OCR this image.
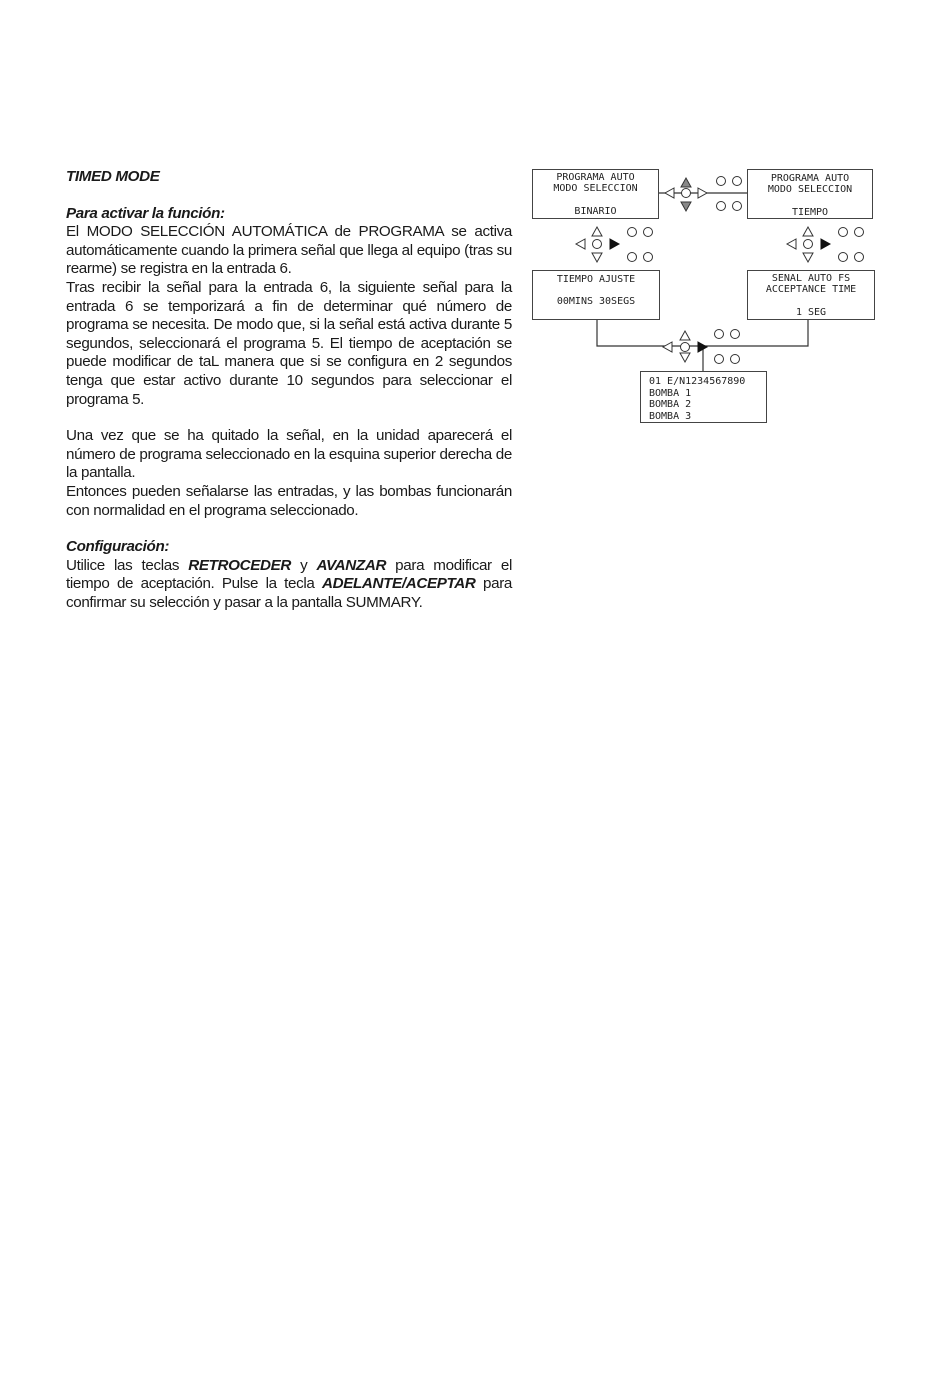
TIMED MODE

Para activar la función:

El MODO SELECCIÓN AUTOMÁTICA de PROGRAMA se activa automáticamente cuando la primera señal que llega al equipo (tras su rearme) se registra en la entrada 6.

Tras recibir la señal para la entrada 6, la siguiente señal para la entrada 6 se temporizará a fin de determinar qué número de programa se necesita. De modo que, si la señal está activa durante 5 segundos, seleccionará el programa 5. El tiempo de aceptación se puede modificar de taL manera que si se configura en 2 segundos tenga que estar activo durante 10 segundos para seleccionar el programa 5.

Una vez que se ha quitado la señal, en la unidad aparecerá el número de programa seleccionado en la esquina superior derecha de la pantalla.

Entonces pueden señalarse las entradas, y las bombas funcionarán con normalidad en el programa seleccionado.

Configuración:

Utilice las teclas RETROCEDER y AVANZAR para modificar el tiempo de aceptación. Pulse la tecla ADELANTE/ACEPTAR para confirmar su selección y pasar a la pantalla SUMMARY.

PROGRAMA AUTO
MODO SELECCION
BINARIO
PROGRAMA AUTO
MODO SELECCION
TIEMPO
TIEMPO AJUSTE
00MINS 30SEGS
SENAL AUTO FS
ACCEPTANCE TIME
1 SEG
01 E/N1234567890
BOMBA 1
BOMBA 2
BOMBA 3
